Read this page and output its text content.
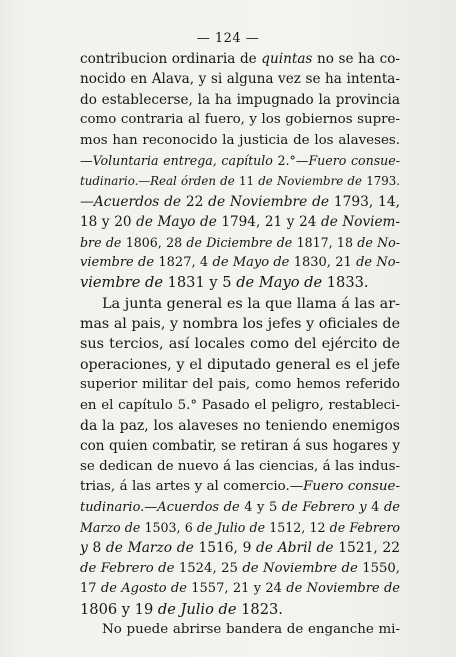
— 124 —
contribucion ordinaria de quintas no se ha co-
nocido en Alava, y si alguna vez se ha intenta-
do establecerse, la ha impugnado la provincia
como contraria al fuero, y los gobiernos supre-
mos han reconocido la justicia de los alaveses.
—Voluntaria entrega, capítulo 2.°—Fuero consue-
tudinario.—Real órden de 11 de Noviembre de 1793.
—Acuerdos de 22 de Noviembre de 1793, 14,
18 y 20 de Mayo de 1794, 21 y 24 de Noviem-
bre de 1806, 28 de Diciembre de 1817, 18 de No-
viembre de 1827, 4 de Mayo de 1830, 21 de No-
viembre de 1831 y 5 de Mayo de 1833.
La junta general es la que llama á las ar-
mas al pais, y nombra los jefes y oficiales de
sus tercios, así locales como del ejército de
operaciones, y el diputado general es el jefe
superior militar del pais, como hemos referido
en el capítulo 5.° Pasado el peligro, restableci-
da la paz, los alaveses no teniendo enemigos
con quien combatir, se retiran á sus hogares y
se dedican de nuevo á las ciencias, á las indus-
trias, á las artes y al comercio.—Fuero consue-
tudinario.—Acuerdos de 4 y 5 de Febrero y 4 de
Marzo de 1503, 6 de Julio de 1512, 12 de Febrero
y 8 de Marzo de 1516, 9 de Abril de 1521, 22
de Febrero de 1524, 25 de Noviembre de 1550,
17 de Agosto de 1557, 21 y 24 de Noviembre de
1806 y 19 de Julio de 1823.
No puede abrirse bandera de enganche mi-
